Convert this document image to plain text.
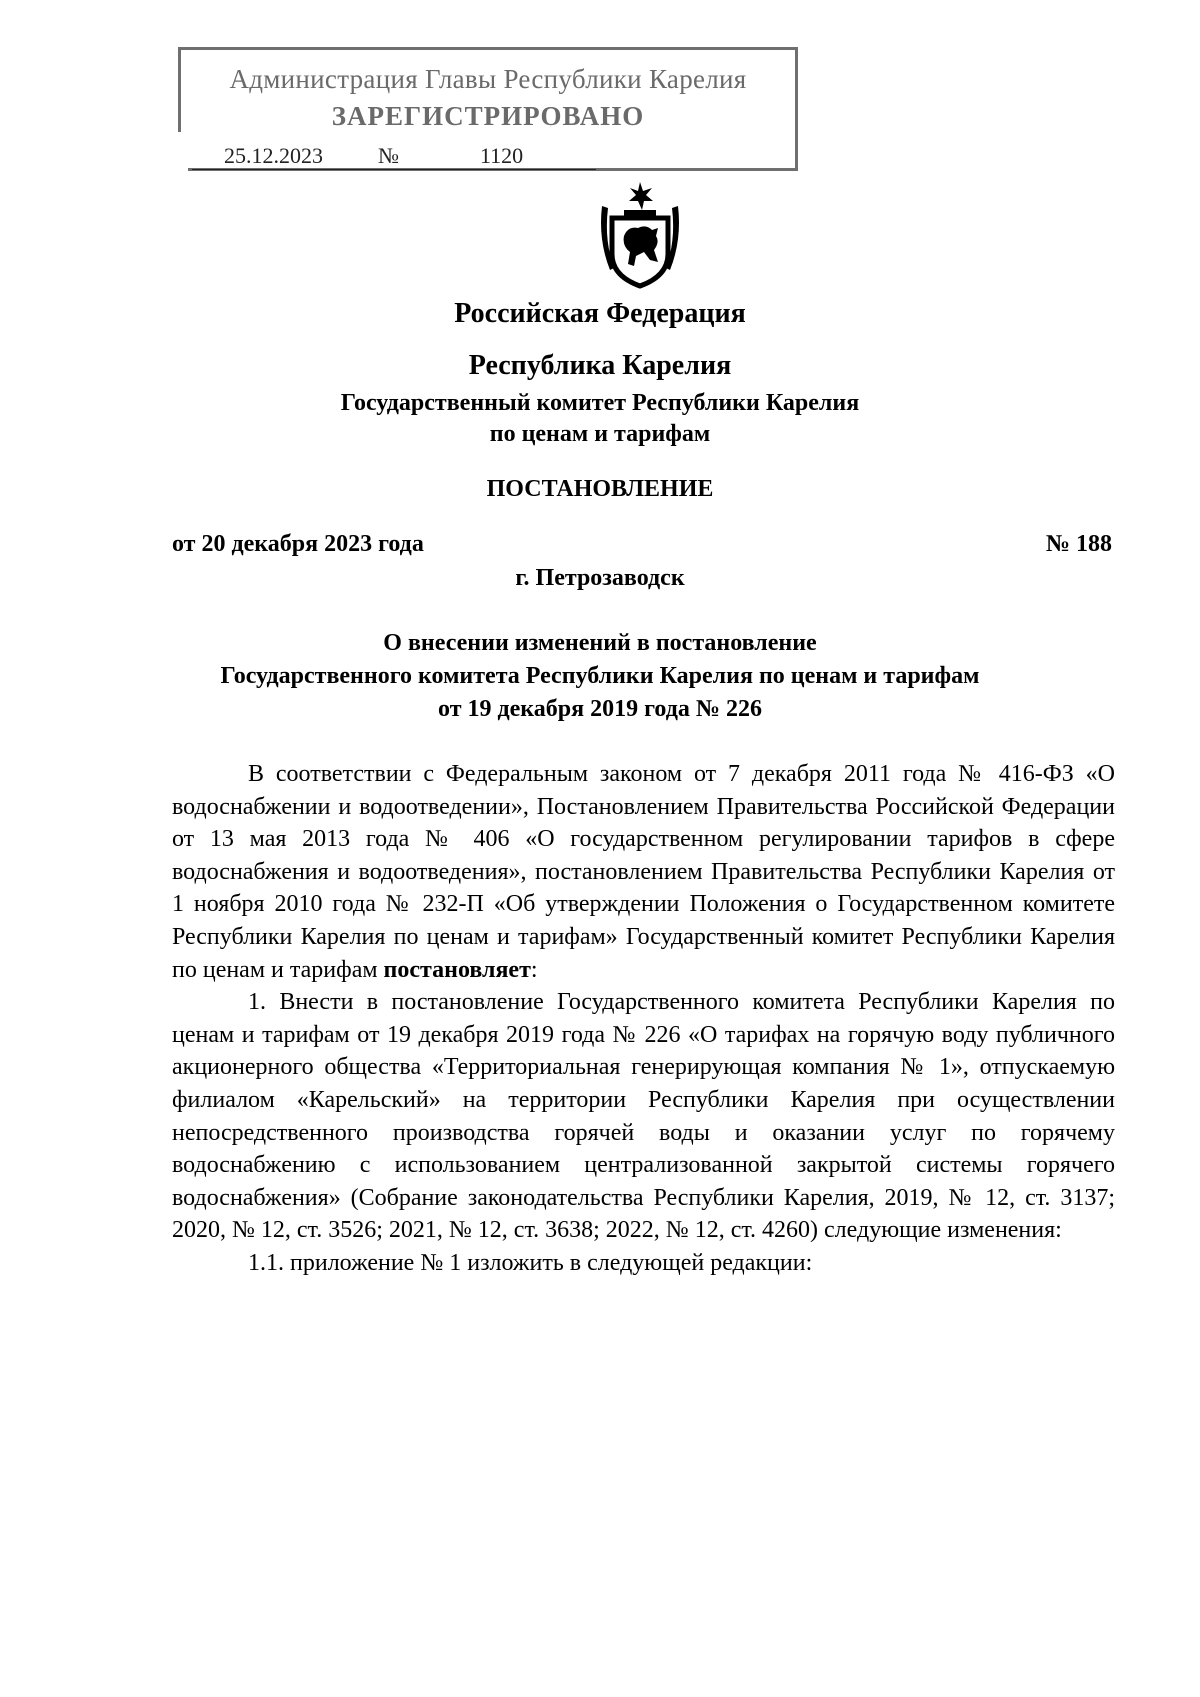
Администрация Главы Республики Карелия
ЗАРЕГИСТРИРОВАНО
25.12.2023	№	1120
Российская Федерация
Республика Карелия
Государственный комитет Республики Карелия
по ценам и тарифам
ПОСТАНОВЛЕНИЕ
от 20 декабря 2023 года	№ 188
г. Петрозаводск
О внесении изменений в постановление
Государственного комитета Республики Карелия по ценам и тарифам
от 19 декабря 2019 года № 226

В соответствии с Федеральным законом от 7 декабря 2011 года № 416-ФЗ «О водоснабжении и водоотведении», Постановлением Правительства Российской Федерации от 13 мая 2013 года № 406 «О государственном регулировании тарифов в сфере водоснабжения и водоотведения», постановлением Правительства Республики Карелия от 1 ноября 2010 года № 232-П «Об утверждении Положения о Государственном комитете Республики Карелия по ценам и тарифам» Государственный комитет Республики Карелия по ценам и тарифам постановляет:

1. Внести в постановление Государственного комитета Республики Карелия по ценам и тарифам от 19 декабря 2019 года № 226 «О тарифах на горячую воду публичного акционерного общества «Территориальная генерирующая компания № 1», отпускаемую филиалом «Карельский» на территории Республики Карелия при осуществлении непосредственного производства горячей воды и оказании услуг по горячему водоснабжению с использованием централизованной закрытой системы горячего водоснабжения» (Собрание законодательства Республики Карелия, 2019, № 12, ст. 3137; 2020, № 12, ст. 3526; 2021, № 12, ст. 3638; 2022, № 12, ст. 4260) следующие изменения:

1.1. приложение № 1 изложить в следующей редакции:
